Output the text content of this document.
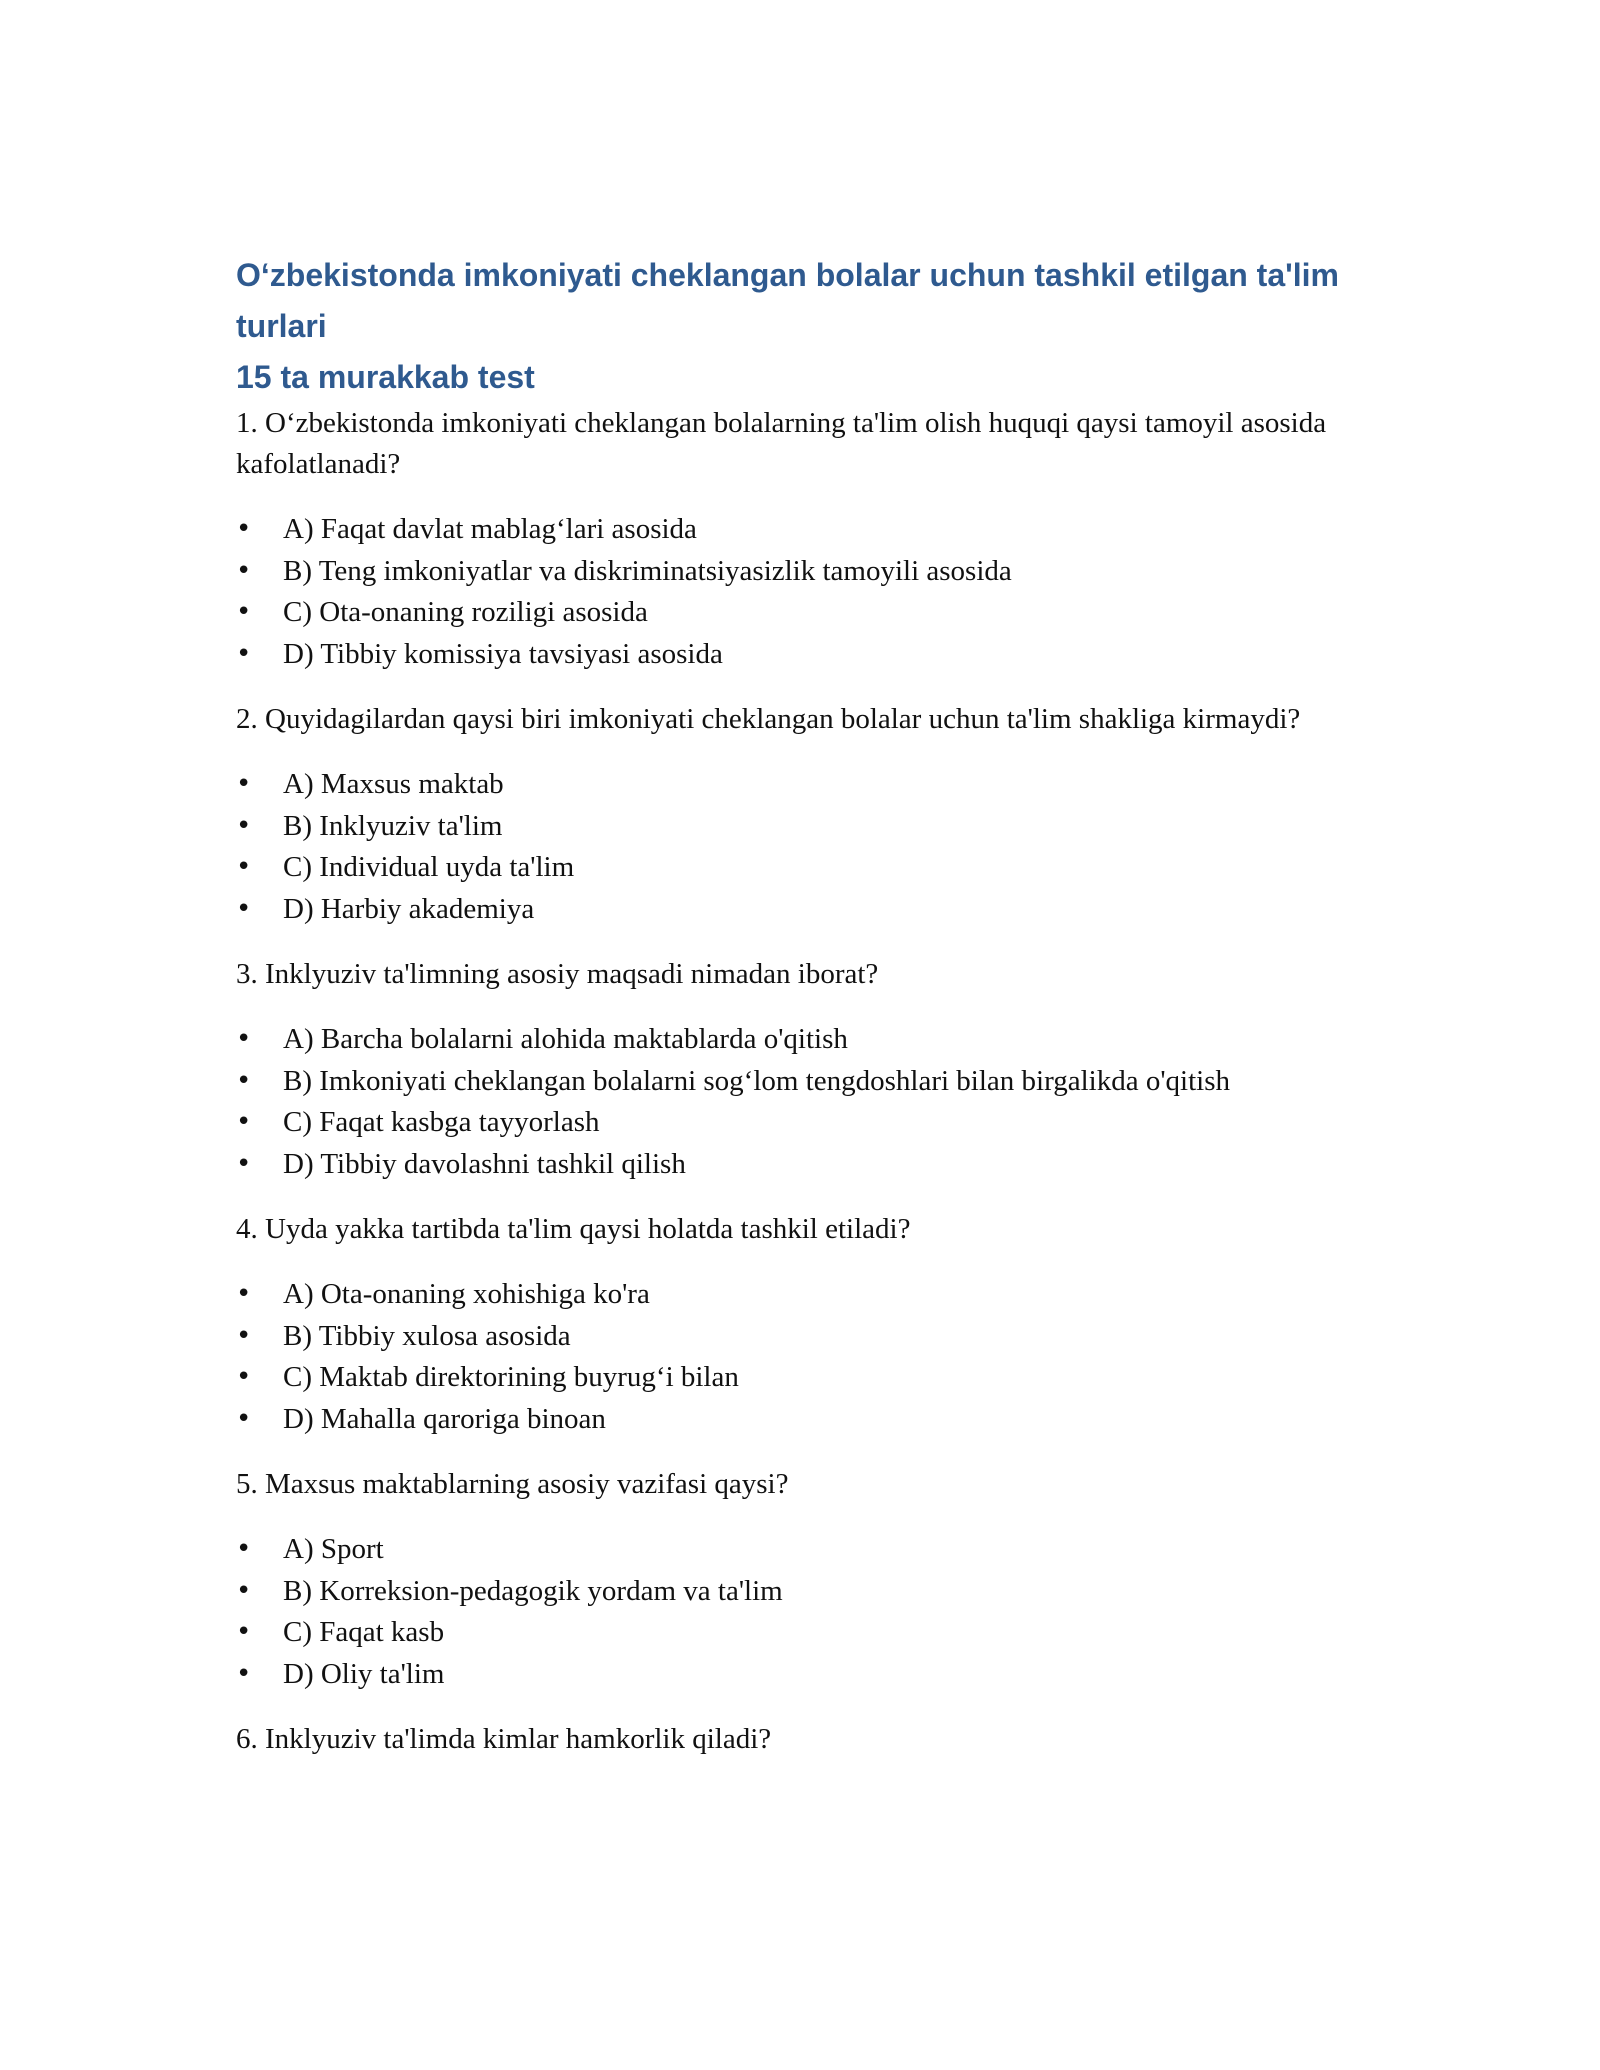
O‘zbekistonda imkoniyati cheklangan bolalar uchun tashkil etilgan ta'lim turlari
15 ta murakkab test

1. O‘zbekistonda imkoniyati cheklangan bolalarning ta'lim olish huquqi qaysi tamoyil asosida kafolatlanadi?

• A) Faqat davlat mablag‘lari asosida
• B) Teng imkoniyatlar va diskriminatsiyasizlik tamoyili asosida
• C) Ota-onaning roziligi asosida
• D) Tibbiy komissiya tavsiyasi asosida

2. Quyidagilardan qaysi biri imkoniyati cheklangan bolalar uchun ta'lim shakliga kirmaydi?

• A) Maxsus maktab
• B) Inklyuziv ta'lim
• C) Individual uyda ta'lim
• D) Harbiy akademiya

3. Inklyuziv ta'limning asosiy maqsadi nimadan iborat?

• A) Barcha bolalarni alohida maktablarda o'qitish
• B) Imkoniyati cheklangan bolalarni sog‘lom tengdoshlari bilan birgalikda o'qitish
• C) Faqat kasbga tayyorlash
• D) Tibbiy davolashni tashkil qilish

4. Uyda yakka tartibda ta'lim qaysi holatda tashkil etiladi?

• A) Ota-onaning xohishiga ko'ra
• B) Tibbiy xulosa asosida
• C) Maktab direktorining buyrug‘i bilan
• D) Mahalla qaroriga binoan

5. Maxsus maktablarning asosiy vazifasi qaysi?

• A) Sport
• B) Korreksion-pedagogik yordam va ta'lim
• C) Faqat kasb
• D) Oliy ta'lim

6. Inklyuziv ta'limda kimlar hamkorlik qiladi?
